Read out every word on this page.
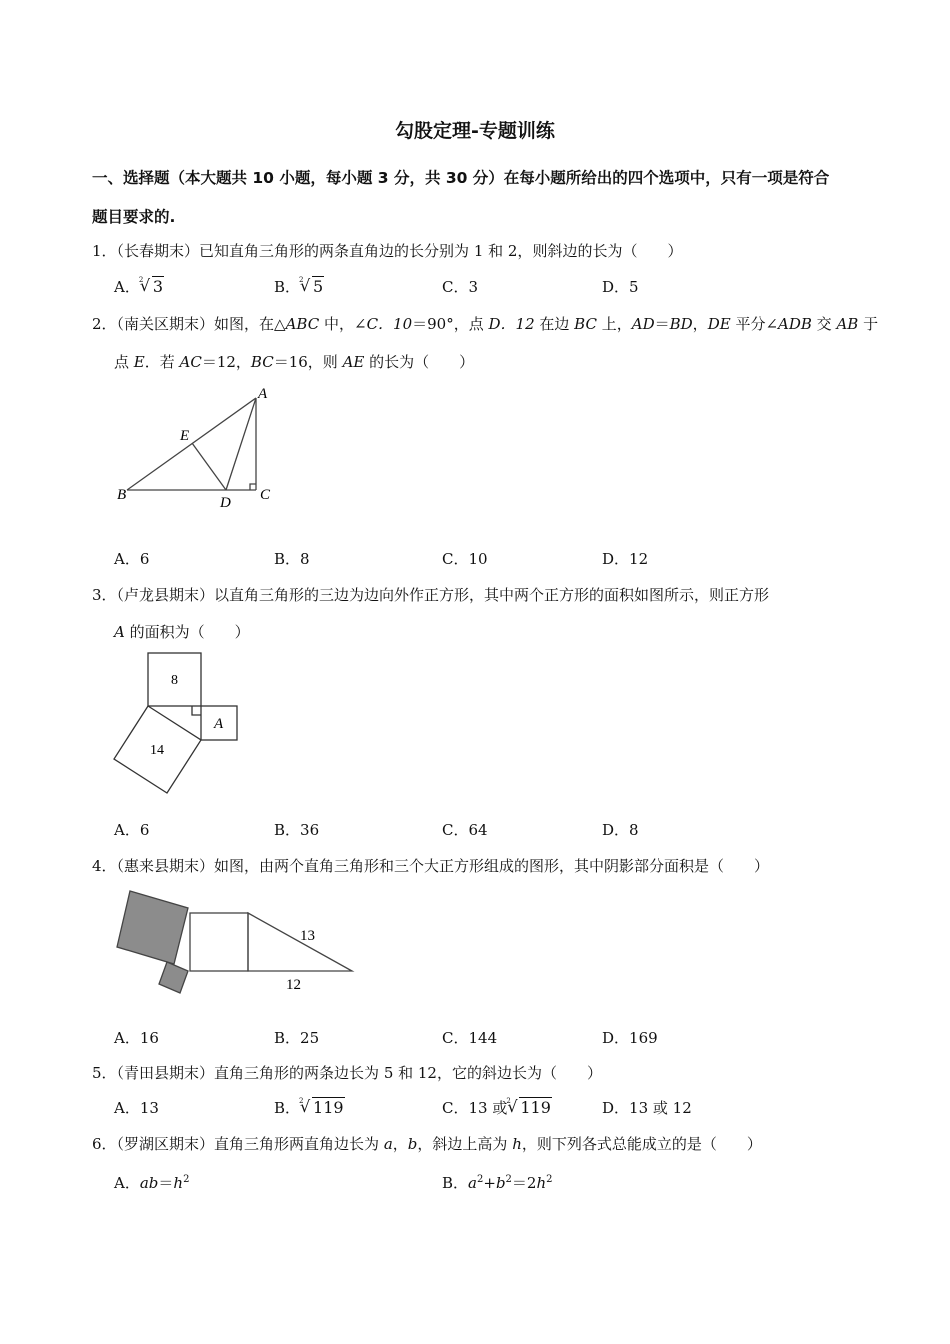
勾股定理-专题训练
一、选择题（本大题共 10 小题，每小题 3 分，共 30 分）在每小题所给出的四个选项中，只有一项是符合
题目要求的.
1．（长春期末）已知直角三角形的两条直角边的长分别为 1 和 2，则斜边的长为（　　）
A． √ 2 3	B． √ 2 5	C．3	D．5
2．（南关区期末）如图，在△ABC 中，∠C．10＝90°，点 D．12 在边 BC 上，AD＝BD，DE 平分∠ADB 交 AB 于
点 E．若 AC＝12，BC＝16，则 AE 的长为（　　）
A
B	C
D
E
A．6	B．8	C．10	D．12
3．（卢龙县期末）以直角三角形的三边为边向外作正方形，其中两个正方形的面积如图所示，则正方形
A 的面积为（　　）
8
14
A
A．6	B．36	C．64	D．8
4．（惠来县期末）如图，由两个直角三角形和三个大正方形组成的图形，其中阴影部分面积是（　　）
13
12
A．16	B．25	C．144	D．169
5．（青田县期末）直角三角形的两条边长为 5 和 12，它的斜边长为（　　）
A．13	B． √ 2 119	C．13 或 √ 2 119	D．13 或 12
6．（罗湖区期末）直角三角形两直角边长为 a，b，斜边上高为 h，则下列各式总能成立的是（　　）
A．$ab=h^2$	B．$a^2+b^2=2h^2$
